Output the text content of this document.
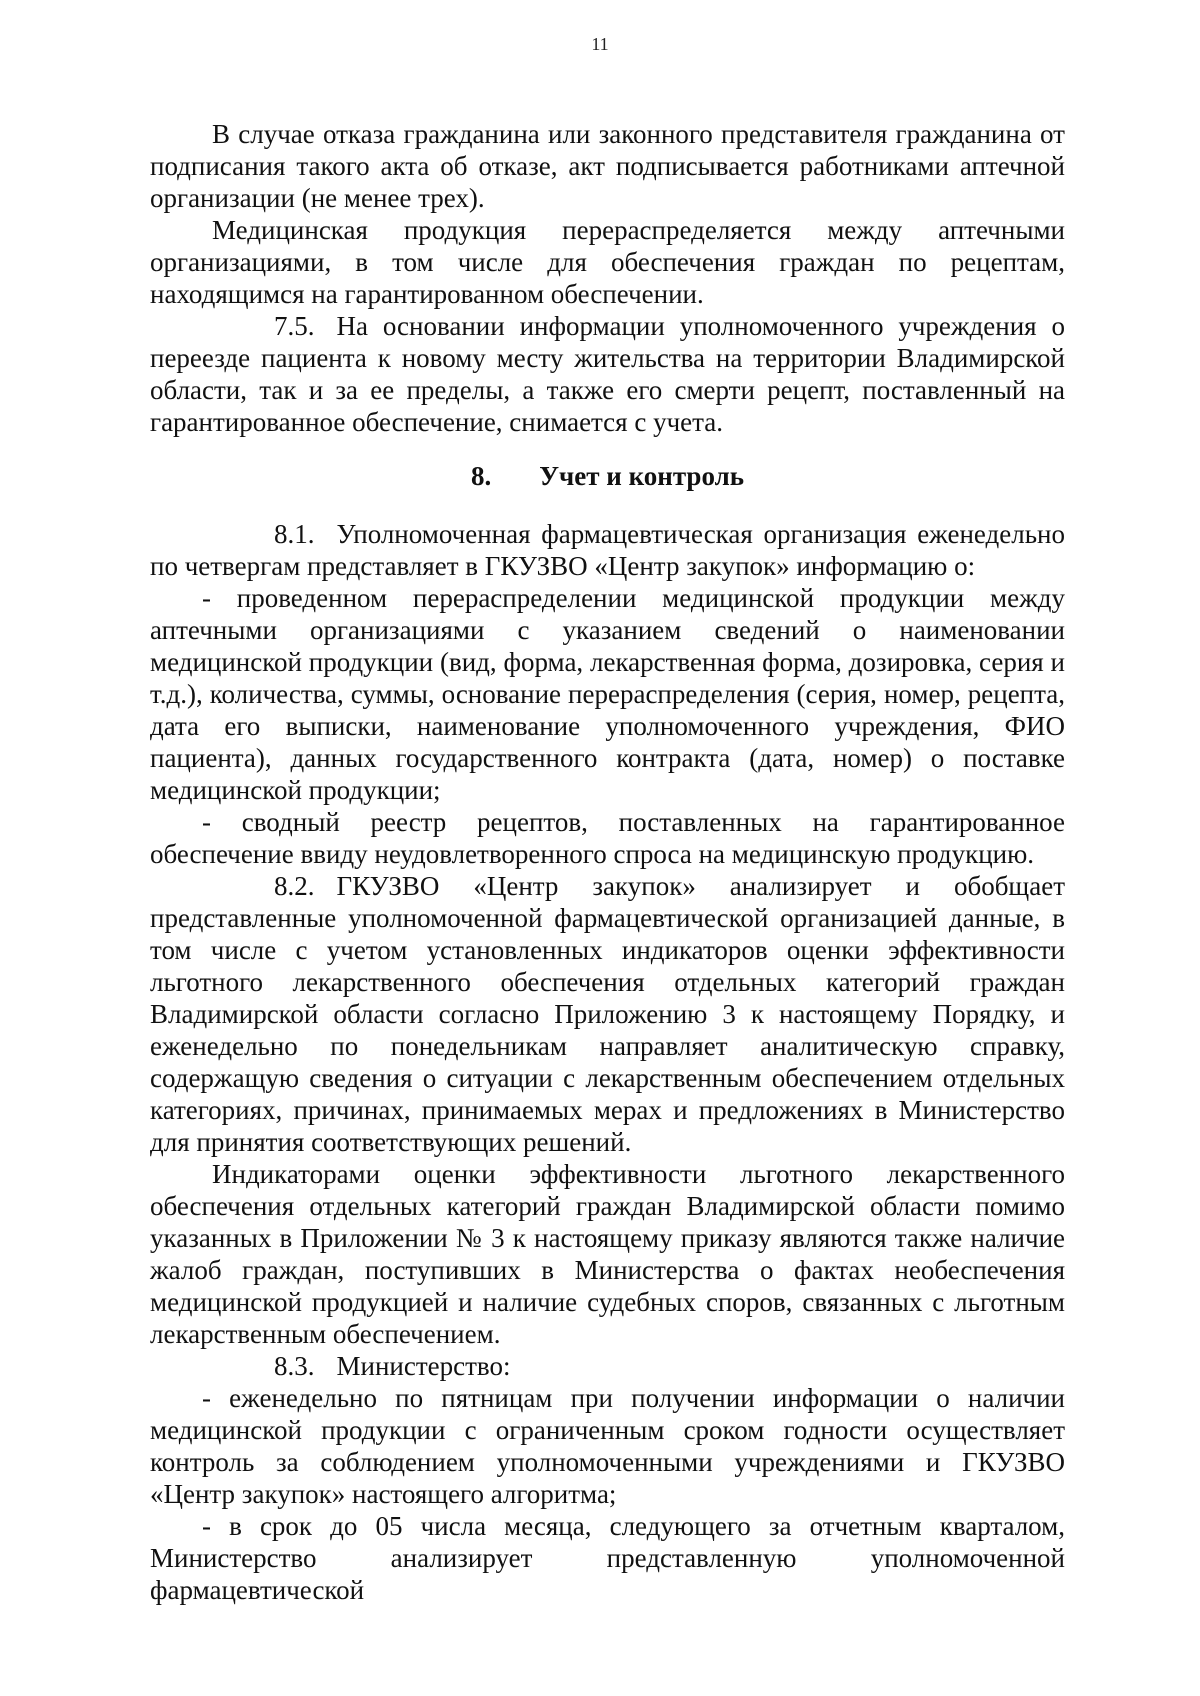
11

В случае отказа гражданина или законного представителя гражданина от подписания такого акта об отказе, акт подписывается работниками аптечной организации (не менее трех).

Медицинская продукция перераспределяется между аптечными организациями, в том числе для обеспечения граждан по рецептам, находящимся на гарантированном обеспечении.

7.5. На основании информации уполномоченного учреждения о переезде пациента к новому месту жительства на территории Владимирской области, так и за ее пределы, а также его смерти рецепт, поставленный на гарантированное обеспечение, снимается с учета.

8. Учет и контроль

8.1. Уполномоченная фармацевтическая организация еженедельно по четвергам представляет в ГКУЗВО «Центр закупок» информацию о:

- проведенном перераспределении медицинской продукции между аптечными организациями с указанием сведений о наименовании медицинской продукции (вид, форма, лекарственная форма, дозировка, серия и т.д.), количества, суммы, основание перераспределения (серия, номер, рецепта, дата его выписки, наименование уполномоченного учреждения, ФИО пациента), данных государственного контракта (дата, номер) о поставке медицинской продукции;

- сводный реестр рецептов, поставленных на гарантированное обеспечение ввиду неудовлетворенного спроса на медицинскую продукцию.

8.2. ГКУЗВО «Центр закупок» анализирует и обобщает представленные уполномоченной фармацевтической организацией данные, в том числе с учетом установленных индикаторов оценки эффективности льготного лекарственного обеспечения отдельных категорий граждан Владимирской области согласно Приложению 3 к настоящему Порядку, и еженедельно по понедельникам направляет аналитическую справку, содержащую сведения о ситуации с лекарственным обеспечением отдельных категориях, причинах, принимаемых мерах и предложениях в Министерство для принятия соответствующих решений.

Индикаторами оценки эффективности льготного лекарственного обеспечения отдельных категорий граждан Владимирской области помимо указанных в Приложении № 3 к настоящему приказу являются также наличие жалоб граждан, поступивших в Министерства о фактах необеспечения медицинской продукцией и наличие судебных споров, связанных с льготным лекарственным обеспечением.

8.3. Министерство:

- еженедельно по пятницам при получении информации о наличии медицинской продукции с ограниченным сроком годности осуществляет контроль за соблюдением уполномоченными учреждениями и ГКУЗВО «Центр закупок» настоящего алгоритма;

- в срок до 05 числа месяца, следующего за отчетным кварталом, Министерство анализирует представленную уполномоченной фармацевтической
